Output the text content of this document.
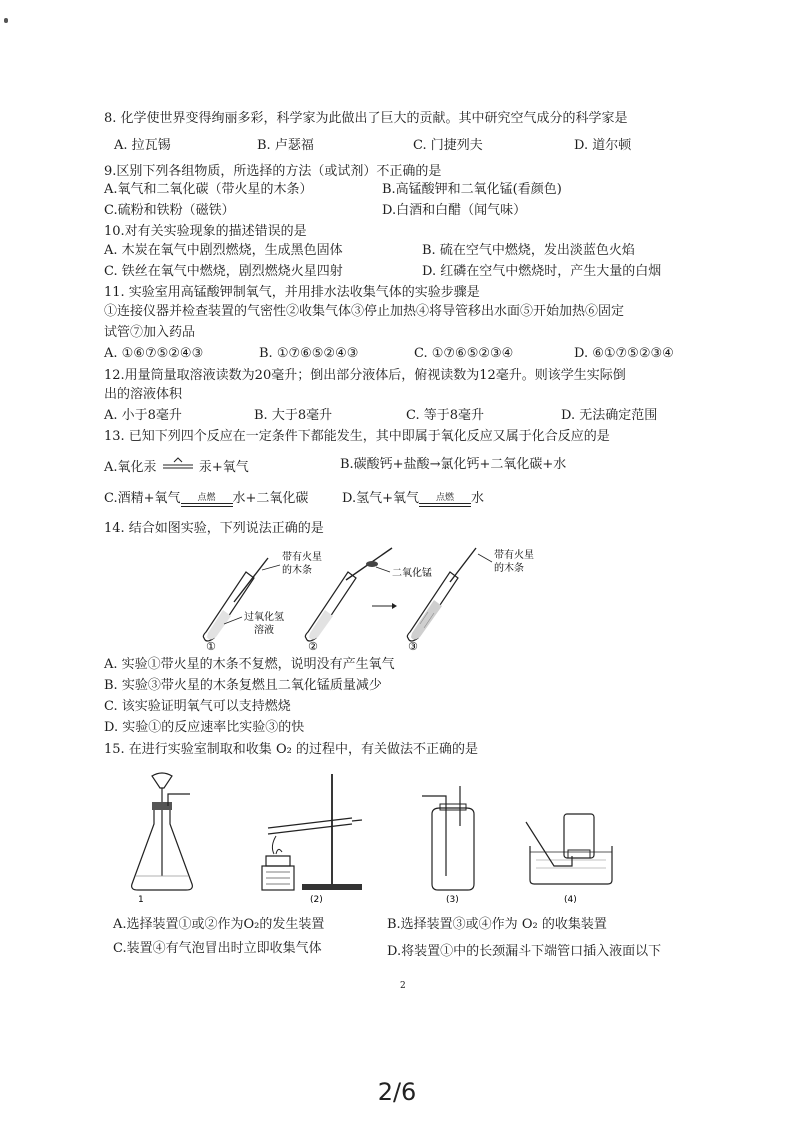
8. 化学使世界变得绚丽多彩，科学家为此做出了巨大的贡献。其中研究空气成分的科学家是
A. 拉瓦锡	B. 卢瑟福	C. 门捷列夫	D. 道尔顿
9.区别下列各组物质，所选择的方法（或试剂）不正确的是
A.氧气和二氧化碳（带火星的木条）	B.高锰酸钾和二氧化锰(看颜色)
C.硫粉和铁粉（磁铁）	D.白酒和白醋（闻气味）
10.对有关实验现象的描述错误的是
A. 木炭在氧气中剧烈燃烧，生成黑色固体	B. 硫在空气中燃烧，发出淡蓝色火焰
C. 铁丝在氧气中燃烧，剧烈燃烧火星四射	D. 红磷在空气中燃烧时，产生大量的白烟
11. 实验室用高锰酸钾制氧气，并用排水法收集气体的实验步骤是
①连接仪器并检查装置的气密性②收集气体③停止加热④将导管移出水面⑤开始加热⑥固定
试管⑦加入药品
A. ①⑥⑦⑤②④③	B. ①⑦⑥⑤②④③	C. ①⑦⑥⑤②③④	D. ⑥①⑦⑤②③④
12.用量筒量取溶液读数为20毫升；倒出部分液体后，俯视读数为12毫升。则该学生实际倒
出的溶液体积
A. 小于8毫升	B. 大于8毫升	C. 等于8毫升	D. 无法确定范围
13. 已知下列四个反应在一定条件下都能发生，其中即属于氧化反应又属于化合反应的是
A.氧化汞	汞+氧气	B.碳酸钙+盐酸→氯化钙+二氧化碳+水
C.酒精+氧气	点燃	水+二氧化碳	D.氢气+氧气	点燃	水
14. 结合如图实验，下列说法正确的是
带有火星
的木条
过氧化氢
溶液
①
二氧化锰
②
带有火星
的木条
③
A. 实验①带火星的木条不复燃，说明没有产生氧气
B. 实验③带火星的木条复燃且二氧化锰质量减少
C. 该实验证明氧气可以支持燃烧
D. 实验①的反应速率比实验③的快
15. 在进行实验室制取和收集 O₂ 的过程中，有关做法不正确的是
1	(2)	(3)	(4)
A.选择装置①或②作为O₂的发生装置	B.选择装置③或④作为 O₂ 的收集装置
C.装置④有气泡冒出时立即收集气体	D.将装置①中的长颈漏斗下端管口插入液面以下
2
2/6
